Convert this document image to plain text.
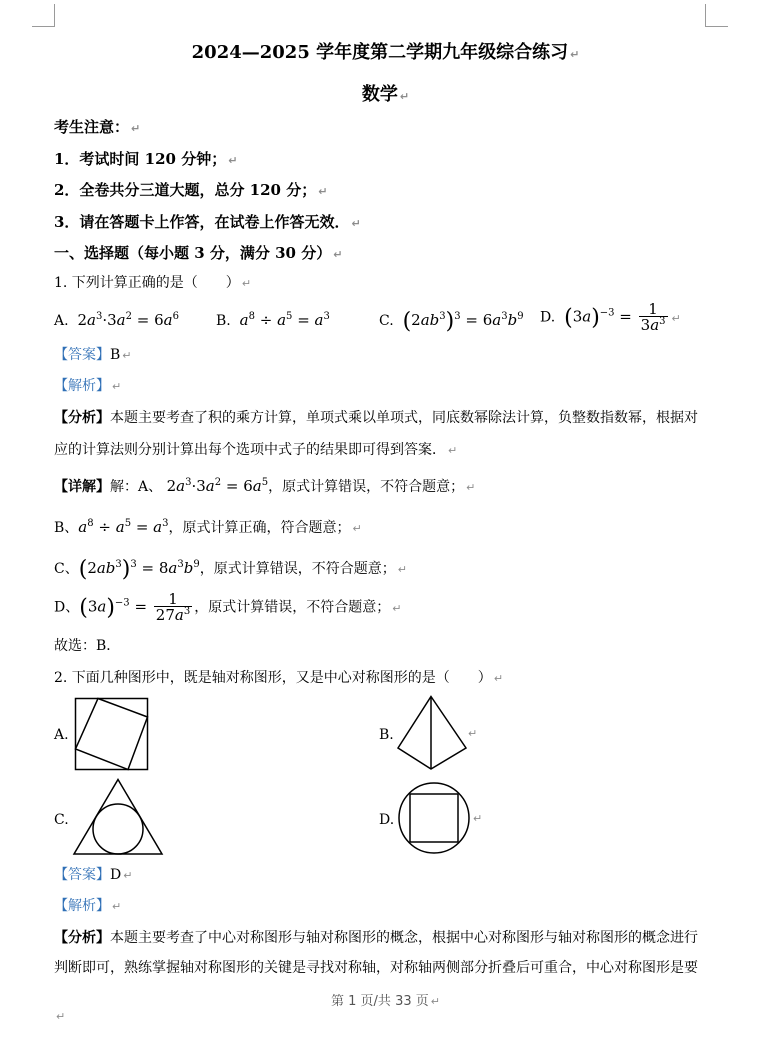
2024—2025 学年度第二学期九年级综合练习 ↵
数学 ↵
考生注意： ↵
1．考试时间 120 分钟； ↵
2．全卷共分三道大题，总分 120 分； ↵
3．请在答题卡上作答，在试卷上作答无效． ↵
一、选择题（每小题 3 分，满分 30 分） ↵
1. 下列计算正确的是（　　） ↵
A. $2a^3\cdot 3a^2 = 6a^6$	B. $a^8 \div a^5 = a^3$	C. $(2ab^3)^3 = 6a^3b^9$ D. $(3a)^{-3} = \frac{1}{3a^3}$ ↵
【答案】B ↵
【解析】 ↵
【分析】本题主要考查了积的乘方计算，单项式乘以单项式，同底数幂除法计算，负整数指数幂，根据对
应的计算法则分别计算出每个选项中式子的结果即可得到答案． ↵
【详解】解：A、 $2a^3\cdot 3a^2 = 6a^5$，原式计算错误，不符合题意； ↵
B、$a^8 \div a^5 = a^3$，原式计算正确，符合题意； ↵
C、$(2ab^3)^3 = 8a^3b^9$，原式计算错误，不符合题意； ↵
D、$(3a)^{-3} = \frac{1}{27a^3}$ ，原式计算错误，不符合题意； ↵
故选：B．
2. 下面几种图形中，既是轴对称图形，又是中心对称图形的是（　　） ↵
A.	B.	↵
C.	D.	↵
【答案】D ↵
【解析】 ↵
【分析】本题主要考查了中心对称图形与轴对称图形的概念，根据中心对称图形与轴对称图形的概念进行
判断即可，熟练掌握轴对称图形的关键是寻找对称轴，对称轴两侧部分折叠后可重合，中心对称图形是要
第 1 页/共 33 页 ↵
↵
